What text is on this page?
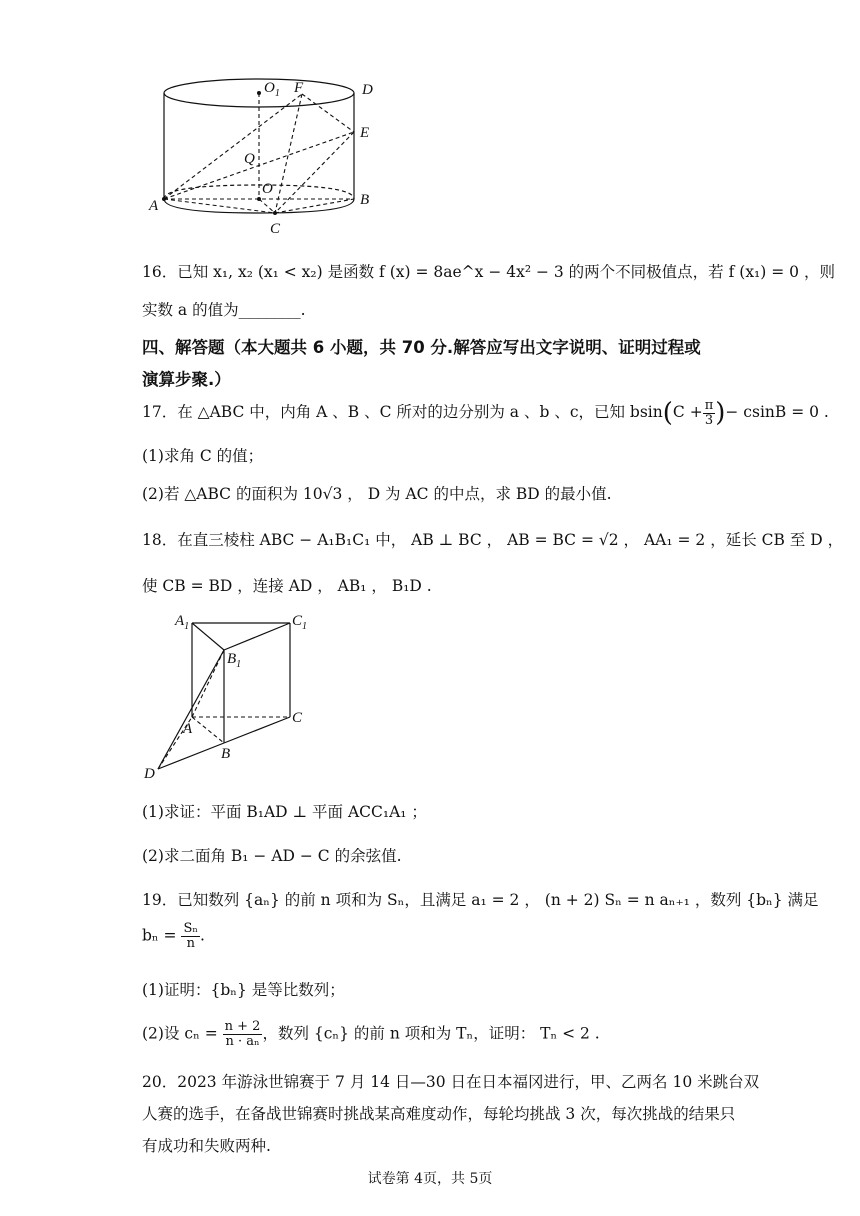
$O_1$ F	D
E
Q
O
A	B
C
16．已知 x₁, x₂ (x₁ < x₂) 是函数 f (x) = 8ae^x − 4x² − 3 的两个不同极值点，若 f (x₁) = 0 ，则
实数 a 的值为________.
四、解答题（本大题共 6 小题，共 70 分.解答应写出文字说明、证明过程或
演算步聚.）
17．在 △ABC 中，内角 A 、B 、C 所对的边分别为 a 、b 、c，已知 $bsin(C + \frac{\pi}{3}$ )− csinB = 0 .
(1)求角 C 的值；
(2)若 △ABC 的面积为 10√3 ， D 为 AC 的中点，求 BD 的最小值.
18．在直三棱柱 ABC − A₁B₁C₁ 中， AB ⊥ BC ， AB = BC = √2 ， AA₁ = 2 ，延长 CB 至 D ，
使 CB = BD ，连接 AD ， AB₁ ， B₁D .
$A_1$	$C_1$
$B_1$
A
B
C
D
(1)求证：平面 B₁AD ⊥ 平面 ACC₁A₁ ；
(2)求二面角 B₁ − AD − C 的余弦值.
19．已知数列 {aₙ} 的前 n 项和为 Sₙ，且满足 a₁ = 2 ， (n + 2) Sₙ = n aₙ₊₁ ，数列 {bₙ} 满足
$b_n = \frac{\text{Sₙ}}{n}$ .
(1)证明：{bₙ} 是等比数列；
(2)设 $c_n = \frac{n + 2}{\text{n · aₙ}}$ ，数列 {cₙ} 的前 n 项和为 Tₙ，证明： Tₙ < 2 .
20．2023 年游泳世锦赛于 7 月 14 日—30 日在日本福冈进行，甲、乙两名 10 米跳台双
人赛的选手，在备战世锦赛时挑战某高难度动作，每轮均挑战 3 次，每次挑战的结果只
有成功和失败两种.
试卷第 4页，共 5页
